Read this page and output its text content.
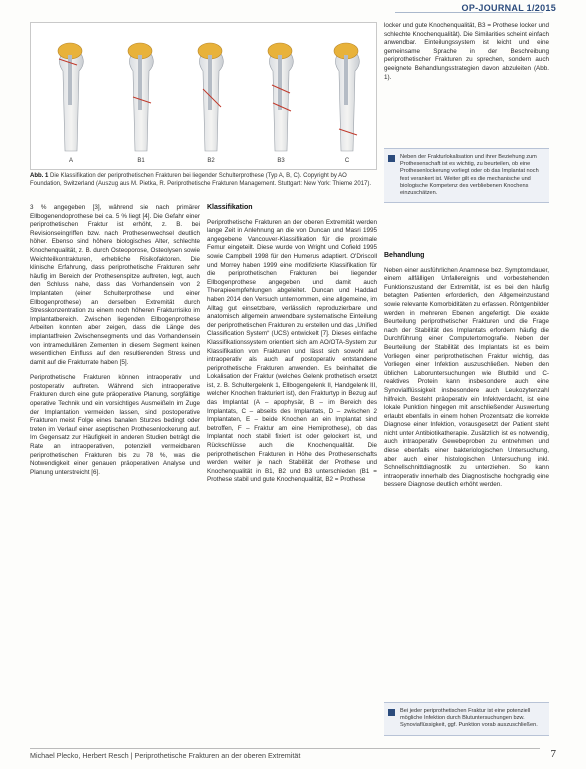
OP-JOURNAL 1/2015
A	B1	B2	B3	C
Abb. 1 Die Klassifikation der periprothetischen Frakturen bei liegender Schulterprothese (Typ A, B, C). Copyright by AO Foundation, Switzerland (Auszug aus M. Pietka, R. Periprothetische Frakturen Management. Stuttgart: New York: Thieme 2017).

3 % angegeben [3], während sie nach primärer Ellbogenendoprothese bei ca. 5 % liegt [4]. Die Gefahr einer periprothetischen Fraktur ist erhöht, z. B. bei Revisionseingriffen bzw. nach Prothesenwechsel deutlich höher. Ebenso sind höhere biologisches Alter, schlechte Knochenqualität, z. B. durch Osteoporose, Osteolysen sowie Weichteilkontrakturen, erhebliche Risikofaktoren. Die klinische Erfahrung, dass periprothetische Frakturen sehr häufig im Bereich der Prothesenspitze auftreten, legt, auch den Schluss nahe, dass das Vorhandensein von 2 Implantaten (einer Schulterprothese und einer Ellbogenprothese) an derselben Extremität durch Stresskonzentration zu einem noch höheren Frakturrisiko im Implantatbereich. Zwischen liegenden Ellbogenprothese Arbeiten konnten aber zeigen, dass die Länge des implantatfreien Zwischensegments und das Vorhandensein von intramedullären Zementen in diesem Segment keinen wesentlichen Einfluss auf den resultierenden Stress und damit auf die Frakturrate haben [5].

Periprothetische Frakturen können intraoperativ und postoperativ auftreten. Während sich intraoperative Frakturen durch eine gute präoperative Planung, sorgfältige operative Technik und ein vorsichtiges Ausmeißeln im Zuge der Implantation vermeiden lassen, sind postoperative Frakturen meist Folge eines banalen Sturzes bedingt oder treten im Verlauf einer aseptischen Prothesenlockerung auf. Im Gegensatz zur Häufigkeit in anderen Studien beträgt die Rate an intraoperativen, potenziell vermeidbaren periprothetischen Frakturen bis zu 78 %, was die Notwendigkeit einer genauen präoperativen Analyse und Planung unterstreicht [6].

Klassifikation

Periprothetische Frakturen an der oberen Extremität werden lange Zeit in Anlehnung an die von Duncan und Masri 1995 angegebene Vancouver-Klassifikation für die proximale Femur eingeteilt. Diese wurde von Wright und Cofield 1995 sowie Campbell 1998 für den Humerus adaptiert. O'Driscoll und Morrey haben 1999 eine modifizierte Klassifikation für die periprothetischen Frakturen bei liegender Ellbogenprothese angegeben und damit auch Therapieempfehlungen abgeleitet. Duncan und Haddad haben 2014 den Versuch unternommen, eine allgemeine, im Alltag gut einsetzbare, verlässlich reproduzierbare und anatomisch allgemein anwendbare systematische Einteilung der periprothetischen Frakturen zu erstellen und das „Unified Classification System“ (UCS) entwickelt [7]. Dieses einfache Klassifikationssystem orientiert sich am AO/OTA-System zur Klassifikation von Frakturen und lässt sich sowohl auf intraoperativ als auch auf postoperativ entstandene periprothetische Frakturen anwenden. Es beinhaltet die Lokalisation der Fraktur (welches Gelenk prothetisch ersetzt ist, z. B. Schultergelenk 1, Ellbogengelenk II, Handgelenk III, welcher Knochen frakturiert ist), den Frakturtyp in Bezug auf das Implantat (A – apophysär, B – im Bereich des Implantats, C – abseits des Implantats, D – zwischen 2 Implantaten, E – beide Knochen an ein Implantat sind betroffen, F – Fraktur am eine Hemiprothese), ob das Implantat noch stabil fixiert ist oder gelockert ist, und Rückschlüsse auch die Knochenqualität. Die periprothetischen Frakturen in Höhe des Prothesenschafts werden weiter je nach Stabilität der Prothese und Knochenqualität in B1, B2 und B3 unterschieden (B1 = Prothese stabil und gute Knochenqualität, B2 = Prothese

locker und gute Knochenqualität, B3 = Prothese locker und schlechte Knochenqualität). Die Similarities scheint einfach anwendbar. Einteilungssystem ist leicht und eine gemeinsame Sprache in der Beschreibung periprothetischer Frakturen zu sprechen, sondern auch geeignete Behandlungsstrategien davon abzuleiten (Abb. 1).

Neben der Frakturlokalisation und ihrer Beziehung zum Prothesenschaft ist es wichtig, zu beurteilen, ob eine Prothesenlockerung vorliegt oder ob das Implantat noch fest verankert ist. Weiter gilt es die mechanische und biologische Kompetenz des verbliebenen Knochens einzuschätzen.
Behandlung

Neben einer ausführlichen Anamnese bez. Symptomdauer, einem allfälligen Unfallereignis und vorbestehenden Funktionszustand der Extremität, ist es bei den häufig betagten Patienten erforderlich, den Allgemeinzustand sowie relevante Komorbiditäten zu erfassen. Röntgenbilder werden in mehreren Ebenen angefertigt. Die exakte Beurteilung periprothetischer Frakturen und die Frage nach der Stabilität des Implantats erfordern häufig die Durchführung einer Computertomografie. Neben der Beurteilung der Stabilität des Implantats ist es beim Vorliegen einer periprothetischen Fraktur wichtig, das Vorliegen einer Infektion auszuschließen. Neben den üblichen Laboruntersuchungen wie Blutbild und C-reaktives Protein kann insbesondere auch eine Synovialflüssigkeit insbesondere auch Leukozytenzahl hilfreich. Besteht präoperativ ein Infektverdacht, ist eine lokale Punktion hingegen mit anschließender Auswertung erlaubt ebenfalls in einem hohen Prozentsatz die korrekte Diagnose einer Infektion, vorausgesetzt der Patient steht nicht unter Antibiotikatherapie. Zusätzlich ist es notwendig, auch intraoperativ Gewebeproben zu entnehmen und diese ebenfalls einer bakteriologischen Untersuchung, aber auch einer histologischen Untersuchung inkl. Schnellschnittdiagnostik zu unterziehen. So kann intraoperativ innerhalb des Diagnostische hochgradig eine bessere Diagnose deutlich erhöht werden.

Bei jeder periprothetischen Fraktur ist eine potenziell mögliche Infektion durch Blutuntersuchungen bzw. Synoviaflüssigkeit, ggf. Punktion vorab auszuschließen.
Michael Plecko, Herbert Resch | Periprothetische Frakturen an der oberen Extremität	7
